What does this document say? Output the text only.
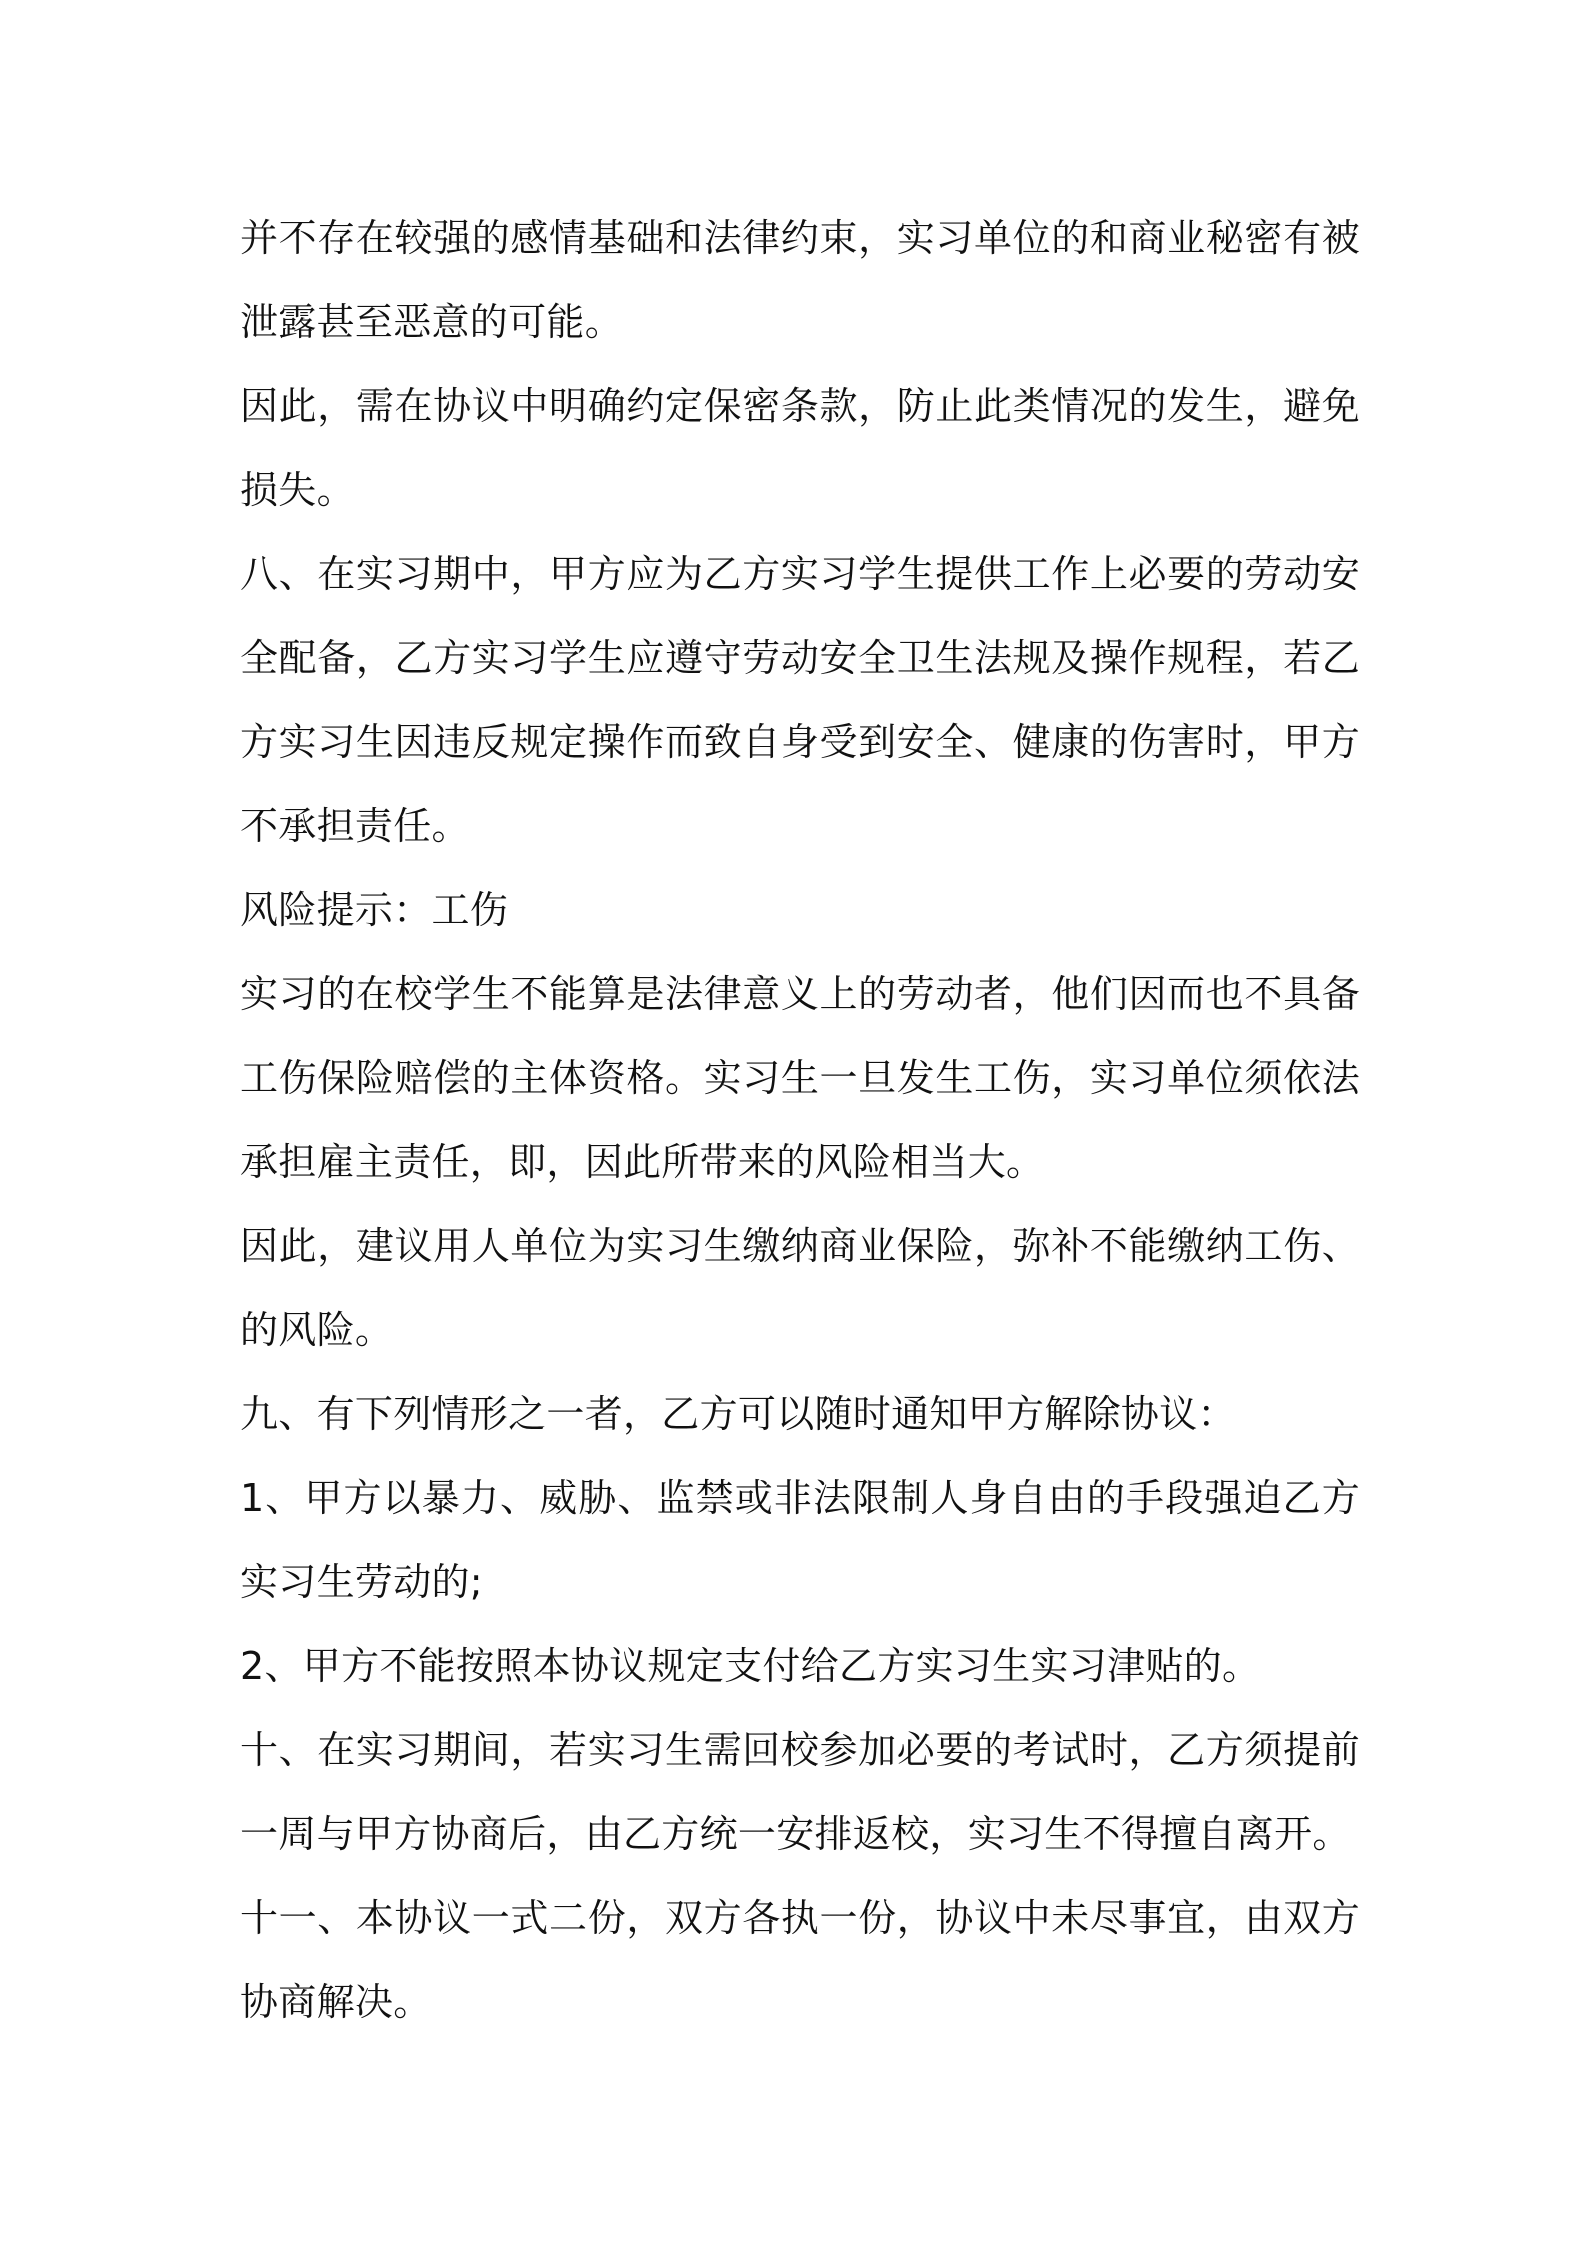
并不存在较强的感情基础和法律约束，实习单位的和商业秘密有被泄露甚至恶意的可能。

因此，需在协议中明确约定保密条款，防止此类情况的发生，避免损失。

八、在实习期中，甲方应为乙方实习学生提供工作上必要的劳动安全配备，乙方实习学生应遵守劳动安全卫生法规及操作规程，若乙方实习生因违反规定操作而致自身受到安全、健康的伤害时，甲方不承担责任。

风险提示：工伤

实习的在校学生不能算是法律意义上的劳动者，他们因而也不具备工伤保险赔偿的主体资格。实习生一旦发生工伤，实习单位须依法承担雇主责任，即，因此所带来的风险相当大。

因此，建议用人单位为实习生缴纳商业保险，弥补不能缴纳工伤、的风险。

九、有下列情形之一者，乙方可以随时通知甲方解除协议：

1、甲方以暴力、威胁、监禁或非法限制人身自由的手段强迫乙方实习生劳动的;

2、甲方不能按照本协议规定支付给乙方实习生实习津贴的。

十、在实习期间，若实习生需回校参加必要的考试时，乙方须提前一周与甲方协商后，由乙方统一安排返校，实习生不得擅自离开。

十一、本协议一式二份，双方各执一份，协议中未尽事宜，由双方协商解决。
